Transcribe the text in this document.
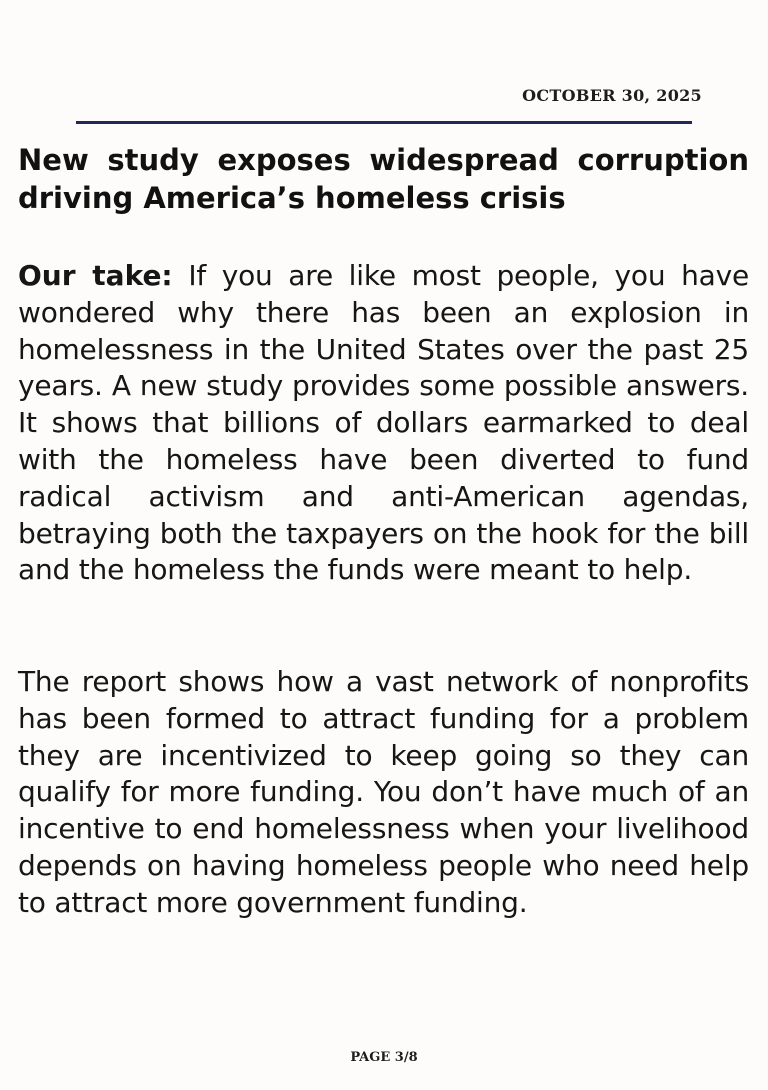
OCTOBER 30, 2025
New study exposes widespread corruption driving America’s homeless crisis

Our take: If you are like most people, you have wondered why there has been an explosion in homelessness in the United States over the past 25 years. A new study provides some possible answers. It shows that billions of dollars earmarked to deal with the homeless have been diverted to fund radical activism and anti-American agendas, betraying both the taxpayers on the hook for the bill and the homeless the funds were meant to help.

The report shows how a vast network of nonprofits has been formed to attract funding for a problem they are incentivized to keep going so they can qualify for more funding. You don’t have much of an incentive to end homelessness when your livelihood depends on having homeless people who need help to attract more government funding.

PAGE 3/8
